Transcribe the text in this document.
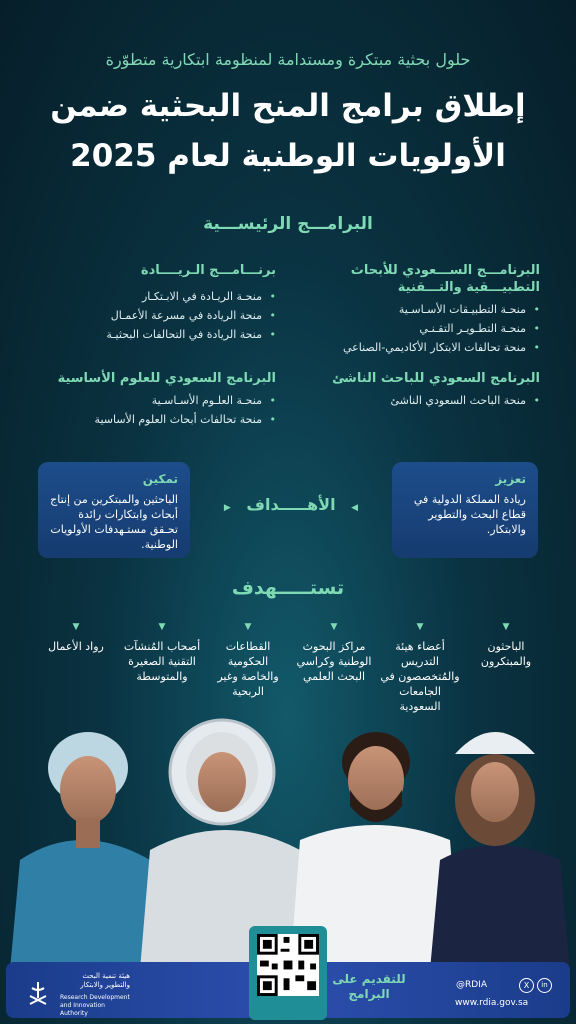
حلول بحثية مبتكرة ومستدامة لمنظومة ابتكارية متطوّرة
إطلاق برامج المنح البحثية ضمن
الأولويات الوطنية لعام 2025
البرامـــج الرئيســـية
البرنامـــج الســـعودي للأبحاث التطبيـــقية والتـــقنية
• منحـة التطبيـقات الأسـاسـية
• منحـة التطـويـر التقـنـي
• منحة تحالفات الابتكار الأكاديمي-الصناعي
برنـــامـــج الـريــــادة
• منحـة الريـادة في الابـتكـار
• منحة الريادة في مسرعة الأعمـال
• منحة الريادة في التحالفات البحثيـة
البرنامج السعودي للباحث الناشئ
• منحة الباحث السعودي الناشئ
البرنامج السعودي للعلوم الأساسية
• منحـة العلـوم الأسـاسـية
• منحة تحالفات أبحاث العلوم الأساسية
تعزيز
ريادة المملكة الدولية في قطاع البحث والتطوير والابتكار.
◀ الأهـــــداف ▶
تمكين
الباحثين والمبتكرين من إنتاج أبحاث وابتكارات رائدة تحـقق مستـهدفات الأولويات الوطنية.
تستـــــهدف
▼
الباحثون والمبتكرون
▼
أعضاء هيئة التدريس والمُتخصصون في الجامعات السعودية
▼
مراكز البحوث الوطنية وكراسي البحث العلمي
▼
القطاعات الحكومية والخاصة وغير الربحية
▼
أصحاب المُنشآت التقنية الصغيرة والمتوسطة
▼
رواد الأعمال
هيئة تنمية البحث والتطوير والابتكار
Research Development and Innovation Authority
للتقديم على البرامج
X	in
@RDIA
www.rdia.gov.sa
